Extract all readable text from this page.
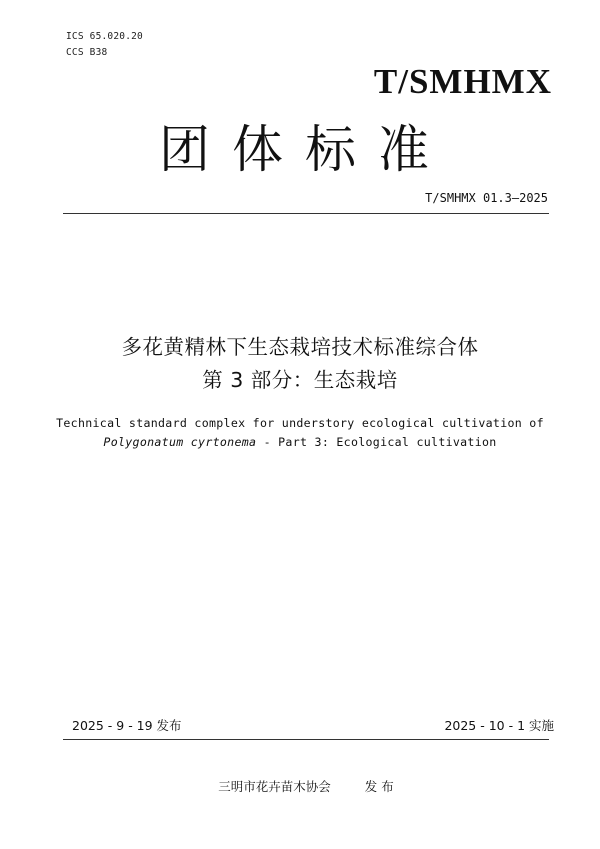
ICS 65.020.20
CCS B38
T/SMHMX
团体标准
T/SMHMX 01.3—2025
多花黄精林下生态栽培技术标准综合体
第 3 部分：生态栽培
Technical standard complex for understory ecological cultivation of
Polygonatum cyrtonema - Part 3: Ecological cultivation
2025 - 9 - 19 发布	2025 - 10 - 1 实施
三明市花卉苗木协会	发 布
